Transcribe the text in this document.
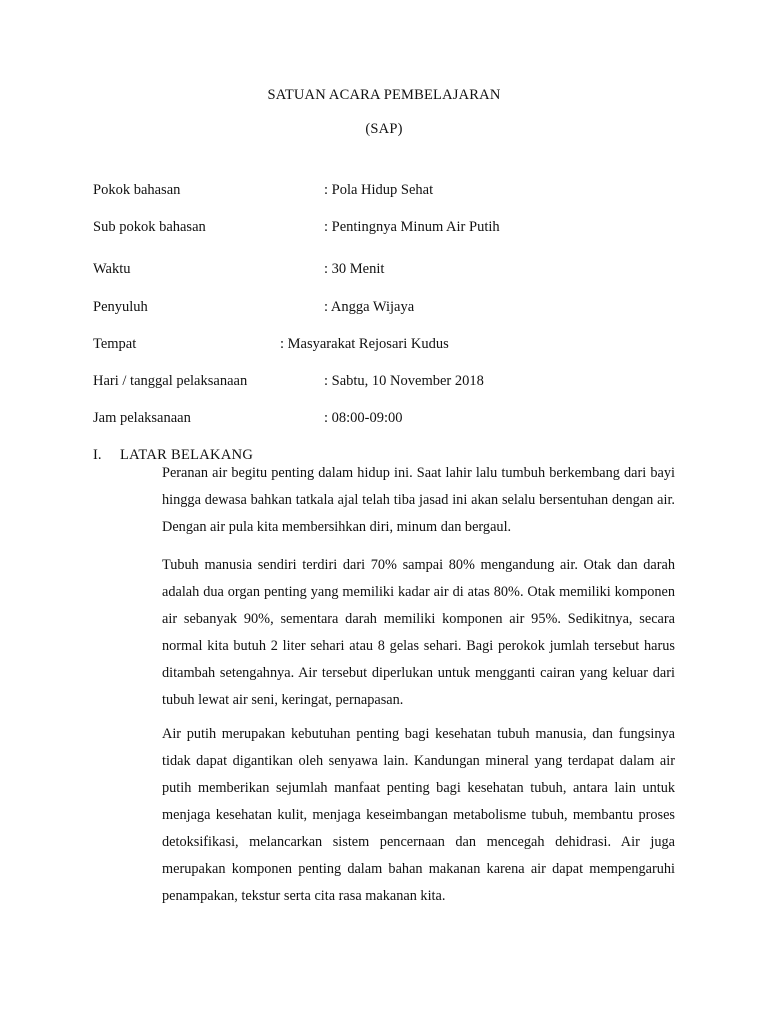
SATUAN ACARA PEMBELAJARAN
(SAP)
Pokok bahasan	: Pola Hidup Sehat
Sub pokok bahasan	: Pentingnya Minum Air Putih
Waktu	: 30 Menit
Penyuluh	: Angga Wijaya
Tempat	: Masyarakat Rejosari Kudus
Hari / tanggal pelaksanaan	: Sabtu, 10 November 2018
Jam pelaksanaan	: 08:00-09:00
I. LATAR BELAKANG

Peranan air begitu penting dalam hidup ini. Saat lahir lalu tumbuh berkembang dari bayi hingga dewasa bahkan tatkala ajal telah tiba jasad ini akan selalu bersentuhan dengan air. Dengan air pula kita membersihkan diri, minum dan bergaul.

Tubuh manusia sendiri terdiri dari 70% sampai 80% mengandung air. Otak dan darah adalah dua organ penting yang memiliki kadar air di atas 80%. Otak memiliki komponen air sebanyak 90%, sementara darah memiliki komponen air 95%. Sedikitnya, secara normal kita butuh 2 liter sehari atau 8 gelas sehari. Bagi perokok jumlah tersebut harus ditambah setengahnya. Air tersebut diperlukan untuk mengganti cairan yang keluar dari tubuh lewat air seni, keringat, pernapasan.

Air putih merupakan kebutuhan penting bagi kesehatan tubuh manusia, dan fungsinya tidak dapat digantikan oleh senyawa lain. Kandungan mineral yang terdapat dalam air putih memberikan sejumlah manfaat penting bagi kesehatan tubuh, antara lain untuk menjaga kesehatan kulit, menjaga keseimbangan metabolisme tubuh, membantu proses detoksifikasi, melancarkan sistem pencernaan dan mencegah dehidrasi. Air juga merupakan komponen penting dalam bahan makanan karena air dapat mempengaruhi penampakan, tekstur serta cita rasa makanan kita.
